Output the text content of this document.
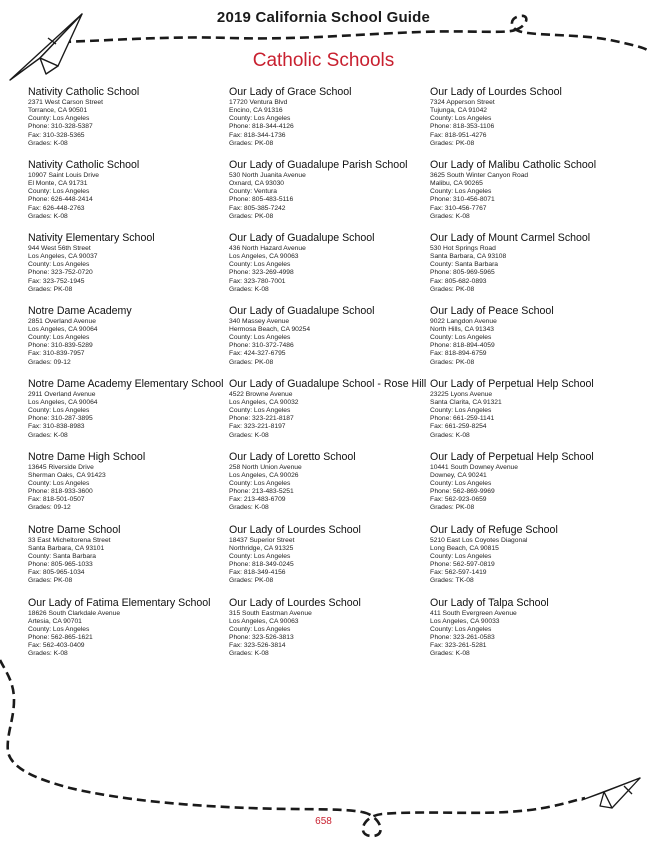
2019 California School Guide
Catholic Schools
Nativity Catholic School
2371 West Carson Street
Torrance, CA 90501
County: Los Angeles
Phone: 310-328-5387
Fax: 310-328-5365
Grades: K-08
Nativity Catholic School
10907 Saint Louis Drive
El Monte, CA 91731
County: Los Angeles
Phone: 626-448-2414
Fax: 626-448-2763
Grades: K-08
Nativity Elementary School
944 West 56th Street
Los Angeles, CA 90037
County: Los Angeles
Phone: 323-752-0720
Fax: 323-752-1945
Grades: PK-08
Notre Dame Academy
2851 Overland Avenue
Los Angeles, CA 90064
County: Los Angeles
Phone: 310-839-5289
Fax: 310-839-7957
Grades: 09-12
Notre Dame Academy Elementary School
2911 Overland Avenue
Los Angeles, CA 90064
County: Los Angeles
Phone: 310-287-3895
Fax: 310-838-8983
Grades: K-08
Notre Dame High School
13645 Riverside Drive
Sherman Oaks, CA 91423
County: Los Angeles
Phone: 818-933-3600
Fax: 818-501-0507
Grades: 09-12
Notre Dame School
33 East Micheltorena Street
Santa Barbara, CA 93101
County: Santa Barbara
Phone: 805-965-1033
Fax: 805-965-1034
Grades: PK-08
Our Lady of Fatima Elementary School
18626 South Clarkdale Avenue
Artesia, CA 90701
County: Los Angeles
Phone: 562-865-1621
Fax: 562-403-0409
Grades: K-08
Our Lady of Grace School
17720 Ventura Blvd
Encino, CA 91316
County: Los Angeles
Phone: 818-344-4126
Fax: 818-344-1736
Grades: PK-08
Our Lady of Guadalupe Parish School
530 North Juanita Avenue
Oxnard, CA 93030
County: Ventura
Phone: 805-483-5116
Fax: 805-385-7242
Grades: PK-08
Our Lady of Guadalupe School
436 North Hazard Avenue
Los Angeles, CA 90063
County: Los Angeles
Phone: 323-269-4998
Fax: 323-780-7001
Grades: K-08
Our Lady of Guadalupe School
340 Massey Avenue
Hermosa Beach, CA 90254
County: Los Angeles
Phone: 310-372-7486
Fax: 424-327-6795
Grades: PK-08
Our Lady of Guadalupe School - Rose Hill
4522 Browne Avenue
Los Angeles, CA 90032
County: Los Angeles
Phone: 323-221-8187
Fax: 323-221-8197
Grades: K-08
Our Lady of Loretto School
258 North Union Avenue
Los Angeles, CA 90026
County: Los Angeles
Phone: 213-483-5251
Fax: 213-483-6709
Grades: K-08
Our Lady of Lourdes School
18437 Superior Street
Northridge, CA 91325
County: Los Angeles
Phone: 818-349-0245
Fax: 818-349-4156
Grades: PK-08
Our Lady of Lourdes School
315 South Eastman Avenue
Los Angeles, CA 90063
County: Los Angeles
Phone: 323-526-3813
Fax: 323-526-3814
Grades: K-08
Our Lady of Lourdes School
7324 Apperson Street
Tujunga, CA 91042
County: Los Angeles
Phone: 818-353-1106
Fax: 818-951-4276
Grades: PK-08
Our Lady of Malibu Catholic School
3625 South Winter Canyon Road
Malibu, CA 90265
County: Los Angeles
Phone: 310-456-8071
Fax: 310-456-7767
Grades: K-08
Our Lady of Mount Carmel School
530 Hot Springs Road
Santa Barbara, CA 93108
County: Santa Barbara
Phone: 805-969-5965
Fax: 805-682-0893
Grades: PK-08
Our Lady of Peace School
9022 Langdon Avenue
North Hills, CA 91343
County: Los Angeles
Phone: 818-894-4059
Fax: 818-894-6759
Grades: PK-08
Our Lady of Perpetual Help School
23225 Lyons Avenue
Santa Clarita, CA 91321
County: Los Angeles
Phone: 661-259-1141
Fax: 661-259-8254
Grades: K-08
Our Lady of Perpetual Help School
10441 South Downey Avenue
Downey, CA 90241
County: Los Angeles
Phone: 562-869-9969
Fax: 562-923-0659
Grades: PK-08
Our Lady of Refuge School
5210 East Los Coyotes Diagonal
Long Beach, CA 90815
County: Los Angeles
Phone: 562-597-0819
Fax: 562-597-1419
Grades: TK-08
Our Lady of Talpa School
411 South Evergreen Avenue
Los Angeles, CA 90033
County: Los Angeles
Phone: 323-261-0583
Fax: 323-261-5281
Grades: K-08
658
